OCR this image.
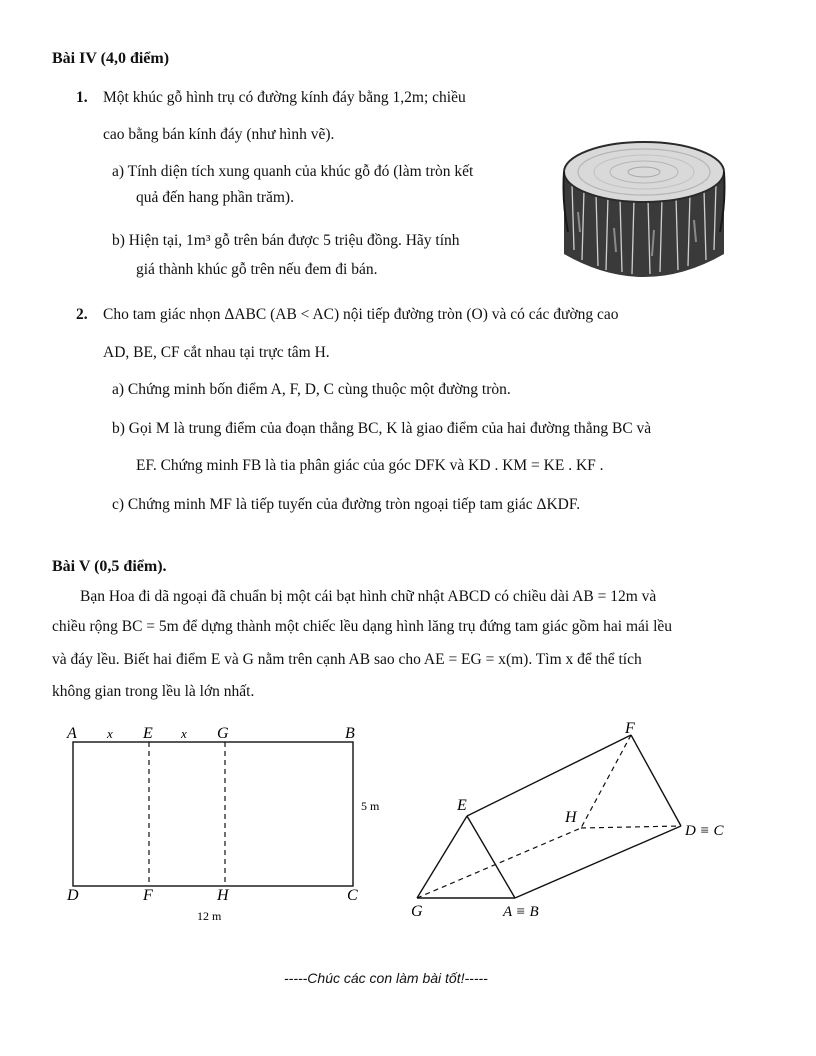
Bài IV (4,0 điểm)
1. Một khúc gỗ hình trụ có đường kính đáy bằng 1,2m; chiều
cao bằng bán kính đáy (như hình vẽ).
a) Tính diện tích xung quanh của khúc gỗ đó (làm tròn kết
quả đến hang phần trăm).
b) Hiện tại, 1m³ gỗ trên bán được 5 triệu đồng. Hãy tính
giá thành khúc gỗ trên nếu đem đi bán.
2. Cho tam giác nhọn ΔABC (AB < AC) nội tiếp đường tròn (O) và có các đường cao
AD, BE, CF cắt nhau tại trực tâm H.
a) Chứng minh bốn điểm A, F, D, C cùng thuộc một đường tròn.
b) Gọi M là trung điểm của đoạn thẳng BC, K là giao điểm của hai đường thẳng BC và
EF. Chứng minh FB là tia phân giác của góc DFK và KD . KM = KE . KF .
c) Chứng minh MF là tiếp tuyến của đường tròn ngoại tiếp tam giác ΔKDF.
Bài V (0,5 điểm).
Bạn Hoa đi dã ngoại đã chuẩn bị một cái bạt hình chữ nhật ABCD có chiều dài AB = 12m và
chiều rộng BC = 5m để dựng thành một chiếc lều dạng hình lăng trụ đứng tam giác gồm hai mái lều
và đáy lều. Biết hai điểm E và G nằm trên cạnh AB sao cho AE = EG = x(m). Tìm x để thể tích
không gian trong lều là lớn nhất.
A x E x G	B
5 m
D	F	H	C
12 m
F
E
H
D ≡ C
G	A ≡ B
-----Chúc các con làm bài tốt!-----
